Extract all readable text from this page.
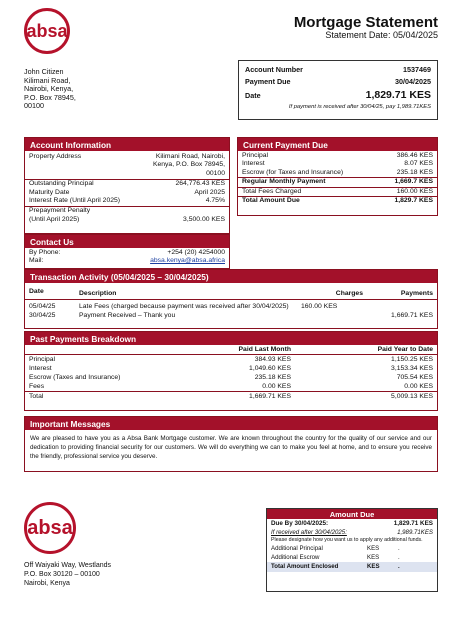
absa	Mortgage Statement
Statement Date: 05/04/2025
John Citizen
Kilimani Road,
Nairobi, Kenya,
P.O. Box 78945,
00100
Account Number	1537469
Payment Due	30/04/2025
Date	1,829.71 KES
If payment is received after 30/04/25, pay 1,989.71KES
Account Information
Property Address	Kilimani Road, Nairobi,
Kenya, P.O. Box 78945,
00100
Outstanding Principal	264,776.43 KES
Maturity Date	April 2025
Interest Rate (Until April 2025)	4.75%
Prepayment Penalty
(Until April 2025)	3,500.00 KES
Contact Us
By Phone:	+254 (20) 4254000
Mail:	absa.kenya@absa.africa
Current Payment Due
Principal	386.46 KES
Interest	8.07 KES
Escrow (for Taxes and Insurance)	235.18 KES
Regular Monthly Payment	1,669.7 KES
Total Fees Charged	160.00 KES
Total Amount Due	1,829.7 KES
Transaction Activity (05/04/2025 – 30/04/2025)
Date	Description	Charges	Payments
05/04/25	Late Fees (charged because payment was received after 30/04/2025)	160.00 KES	
30/04/25	Payment Received – Thank you		1,669.71 KES
Past Payments Breakdown
	Paid Last Month	Paid Year to Date
Principal	384.93 KES	1,150.25 KES
Interest	1,049.60 KES	3,153.34 KES
Escrow (Taxes and Insurance)	235.18 KES	705.54 KES
Fees	0.00 KES	0.00 KES
Total	1,669.71 KES	5,009.13 KES
Important Messages
We are pleased to have you as a Absa Bank Mortgage customer. We are known throughout the country for the quality of our service and our dedication to providing financial security for our customers. We will do everything we can to make you feel at home, and to ensure you receive the friendly, professional service you deserve.
absa
Off Waiyaki Way, Westlands
P.O. Box 30120 – 00100
Nairobi, Kenya
Amount Due
Due By 30/04/2025:	1,829.71 KES
If received after 30/04/2025:	1,989.71KES
Please designate how you want us to apply any additional funds.
Additional Principal	KES	.
Additional Escrow	KES	.
Total Amount Enclosed	KES	.
